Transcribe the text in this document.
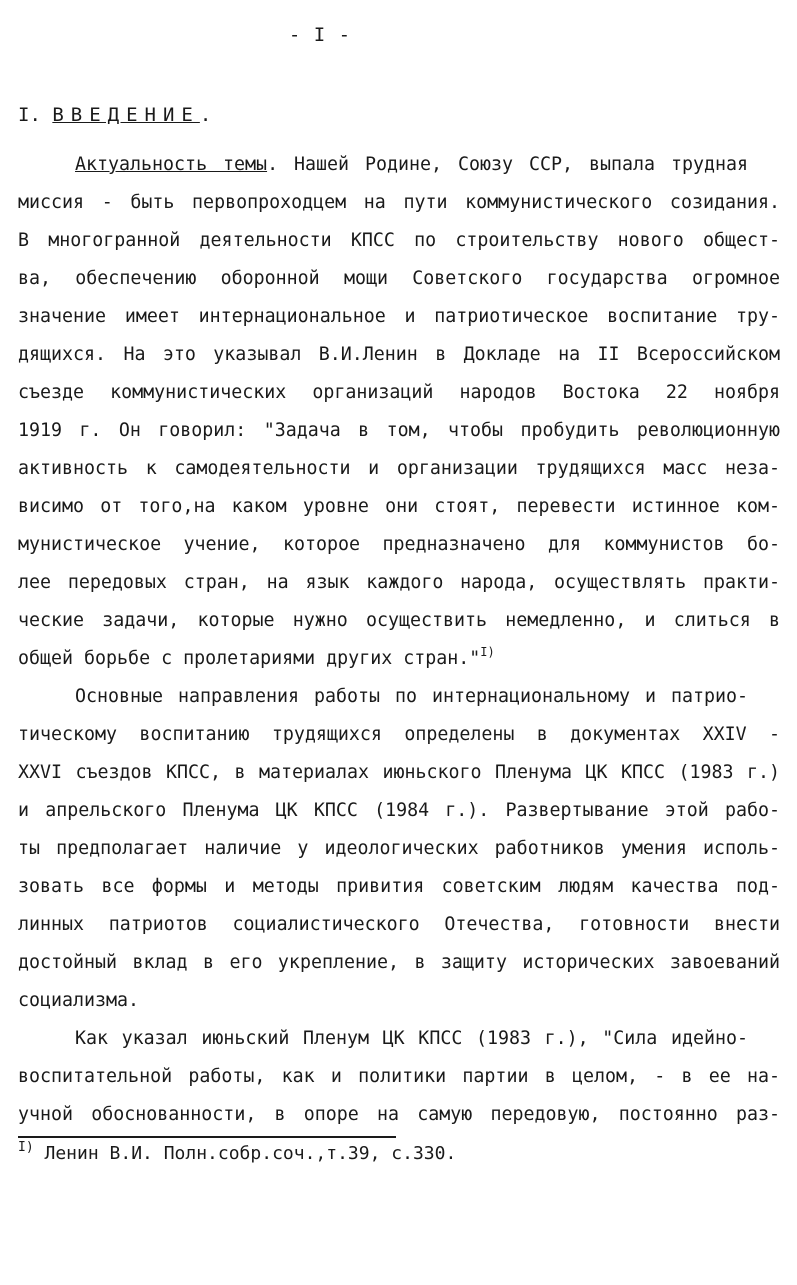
- I -
I. ВВЕДЕНИЕ.
Актуальность темы. Нашей Родине, Союзу ССР, выпала трудная
миссия - быть первопроходцем на пути коммунистического созидания.
В многогранной деятельности КПСС по строительству нового общест-
ва, обеспечению оборонной мощи Советского государства огромное
значение имеет интернациональное и патриотическое воспитание тру-
дящихся. На это указывал В.И.Ленин в Докладе на II Всероссийском
съезде коммунистических организаций народов Востока 22 ноября
1919 г. Он говорил: "Задача в том, чтобы пробудить революционную
активность к самодеятельности и организации трудящихся масс неза-
висимо от того,на каком уровне они стоят, перевести истинное ком-
мунистическое учение, которое предназначено для коммунистов бо-
лее передовых стран, на язык каждого народа, осуществлять практи-
ческие задачи, которые нужно осуществить немедленно, и слиться в
общей борьбе с пролетариями других стран."$^{I)}$
Основные направления работы по интернациональному и патрио-
тическому воспитанию трудящихся определены в документах XXIV -
XXVI съездов КПСС, в материалах июньского Пленума ЦК КПСС (1983 г.)
и апрельского Пленума ЦК КПСС (1984 г.). Развертывание этой рабо-
ты предполагает наличие у идеологических работников умения исполь-
зовать все формы и методы привития советским людям качества под-
линных патриотов социалистического Отечества, готовности внести
достойный вклад в его укрепление, в защиту исторических завоеваний
социализма.
Как указал июньский Пленум ЦК КПСС (1983 г.), "Сила идейно-
воспитательной работы, как и политики партии в целом, - в ее на-
учной обоснованности, в опоре на самую передовую, постоянно раз-
$^{I)}$ Ленин В.И. Полн.собр.соч.,т.39, с.330.
